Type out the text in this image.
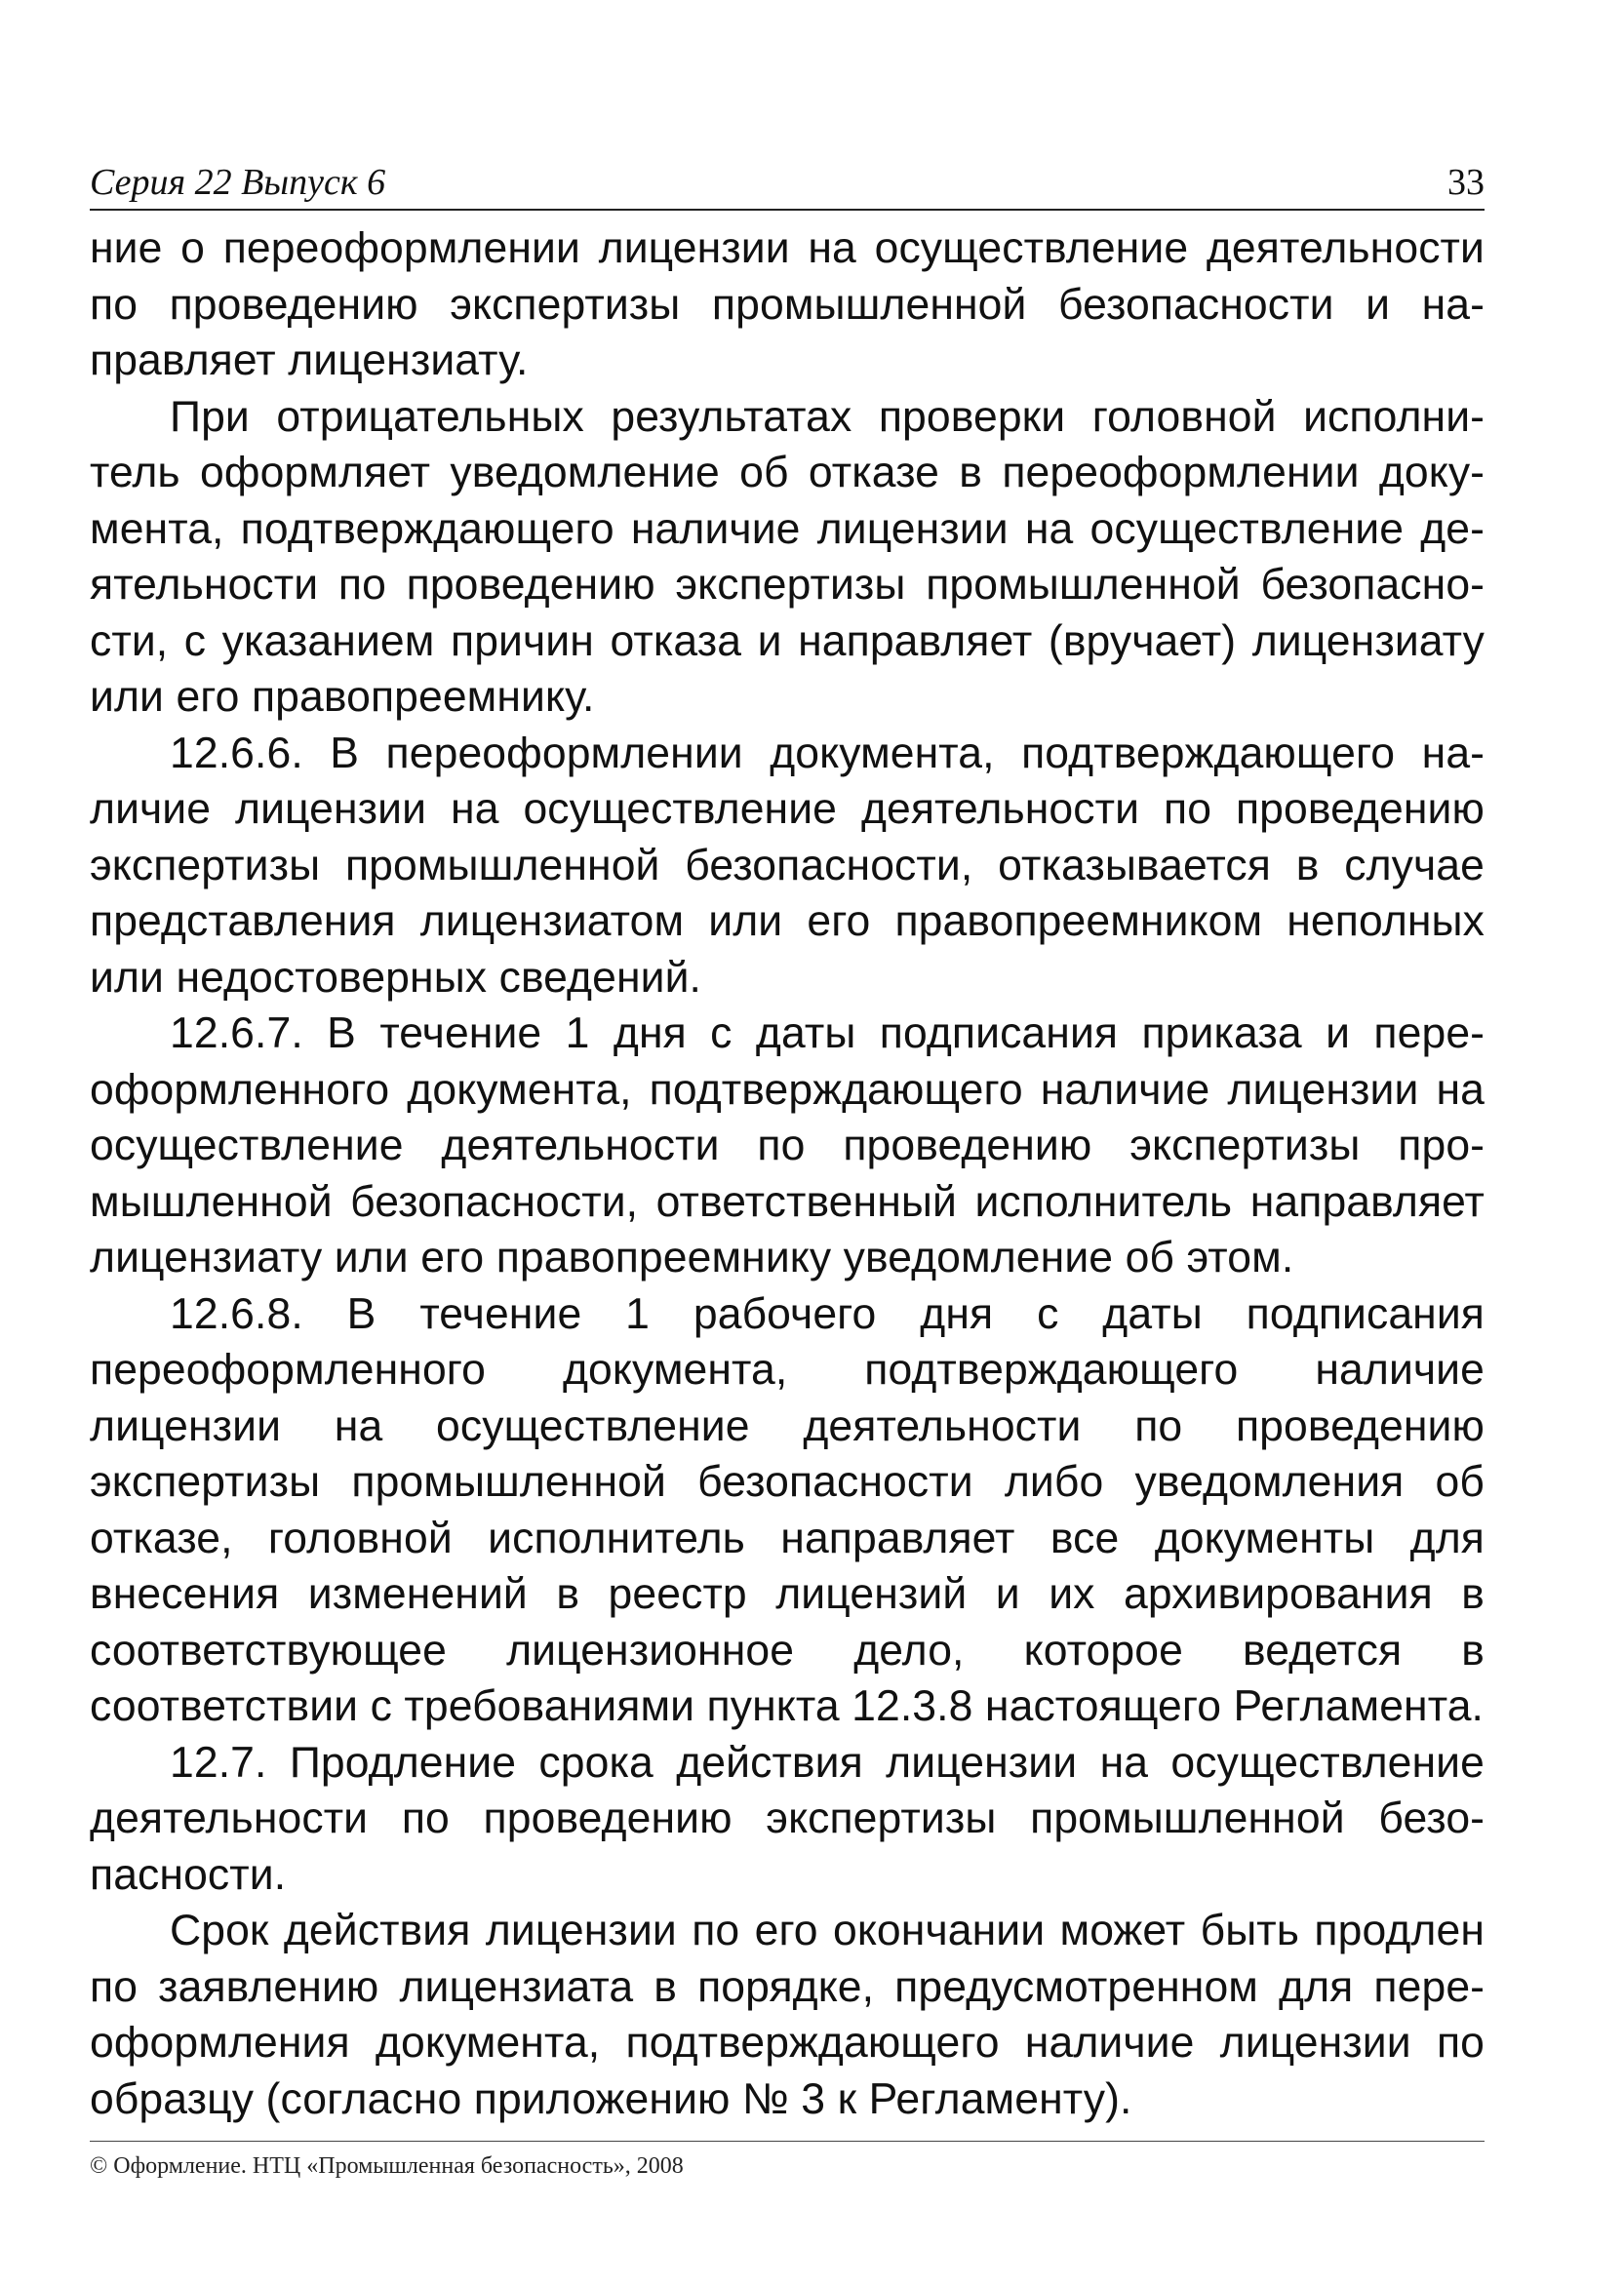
Серия 22 Выпуск 6	33

ние о переоформлении лицензии на осуществление деятельности по проведению экспертизы промышленной безопасности и направляет лицензиату.

При отрицательных результатах проверки головной исполнитель оформляет уведомление об отказе в переоформлении документа, подтверждающего наличие лицензии на осуществление деятельности по проведению экспертизы промышленной безопасности, с указанием причин отказа и направляет (вручает) лицензиату или его правопреемнику.

12.6.6. В переоформлении документа, подтверждающего наличие лицензии на осуществление деятельности по проведению экспертизы промышленной безопасности, отказывается в случае представления лицензиатом или его правопреемником неполных или недостоверных сведений.

12.6.7. В течение 1 дня с даты подписания приказа и переоформленного документа, подтверждающего наличие лицензии на осуществление деятельности по проведению экспертизы промышленной безопасности, ответственный исполнитель направляет лицензиату или его правопреемнику уведомление об этом.

12.6.8. В течение 1 рабочего дня с даты подписания переоформленного документа, подтверждающего наличие лицензии на осуществление деятельности по проведению экспертизы промышленной безопасности либо уведомления об отказе, головной исполнитель направляет все документы для внесения изменений в реестр лицензий и их архивирования в соответствующее лицензионное дело, которое ведется в соответствии с требованиями пункта 12.3.8 настоящего Регламента.

12.7. Продление срока действия лицензии на осуществление деятельности по проведению экспертизы промышленной безопасности.

Срок действия лицензии по его окончании может быть продлен по заявлению лицензиата в порядке, предусмотренном для переоформления документа, подтверждающего наличие лицензии по образцу (согласно приложению № 3 к Регламенту).

© Оформление. НТЦ «Промышленная безопасность», 2008
